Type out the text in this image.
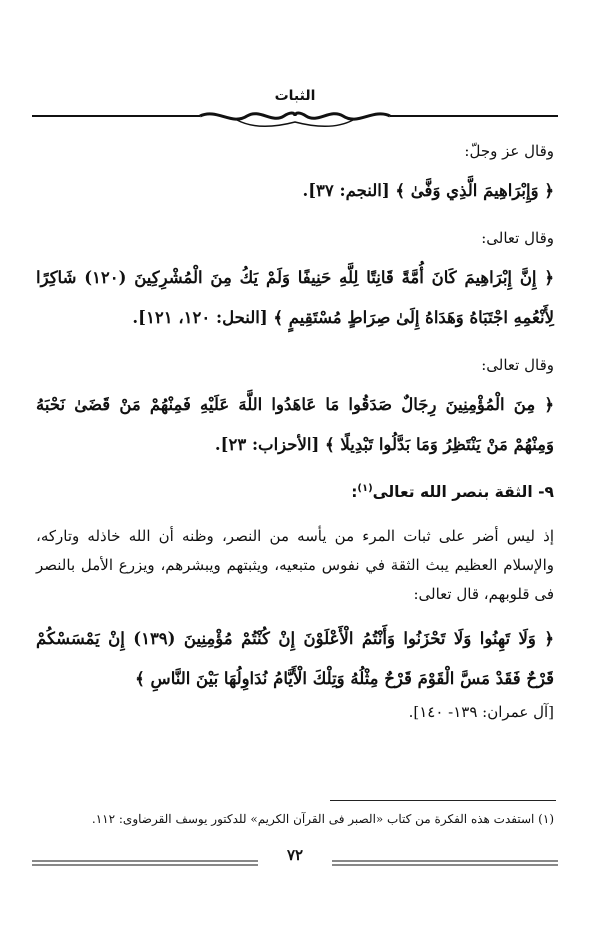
الثبات

وقال عز وجلّ:

﴿ وَإِبْرَاهِيمَ الَّذِي وَفَّىٰ ﴾ [النجم: ٣٧].

وقال تعالى:

﴿ إِنَّ إِبْرَاهِيمَ كَانَ أُمَّةً قَانِتًا لِلَّهِ حَنِيفًا وَلَمْ يَكُ مِنَ الْمُشْرِكِينَ (١٢٠) شَاكِرًا لِأَنْعُمِهِ اجْتَبَاهُ وَهَدَاهُ إِلَىٰ صِرَاطٍ مُسْتَقِيمٍ ﴾ [النحل: ١٢٠، ١٢١].

وقال تعالى:

﴿ مِنَ الْمُؤْمِنِينَ رِجَالٌ صَدَقُوا مَا عَاهَدُوا اللَّهَ عَلَيْهِ فَمِنْهُمْ مَنْ قَضَىٰ نَحْبَهُ وَمِنْهُمْ مَنْ يَنْتَظِرُ وَمَا بَدَّلُوا تَبْدِيلًا ﴾ [الأحزاب: ٢٣].

٩- الثقة بنصر الله تعالى$^{(١)}$:

إذ ليس أضر على ثبات المرء من يأسه من النصر، وظنه أن الله خاذله وتاركه، والإسلام العظيم يبث الثقة في نفوس متبعيه، ويثبتهم ويبشرهم، ويزرع الأمل بالنصر فى قلوبهم، قال تعالى:

﴿ وَلَا تَهِنُوا وَلَا تَحْزَنُوا وَأَنْتُمُ الْأَعْلَوْنَ إِنْ كُنْتُمْ مُؤْمِنِينَ (١٣٩) إِنْ يَمْسَسْكُمْ قَرْحٌ فَقَدْ مَسَّ الْقَوْمَ قَرْحٌ مِثْلُهُ وَتِلْكَ الْأَيَّامُ نُدَاوِلُهَا بَيْنَ النَّاسِ ﴾

[آل عمران: ١٣٩- ١٤٠].

(١) استفدت هذه الفكرة من كتاب «الصبر فى القرآن الكريم» للدكتور يوسف القرضاوى: ١١٢.
٧٢
